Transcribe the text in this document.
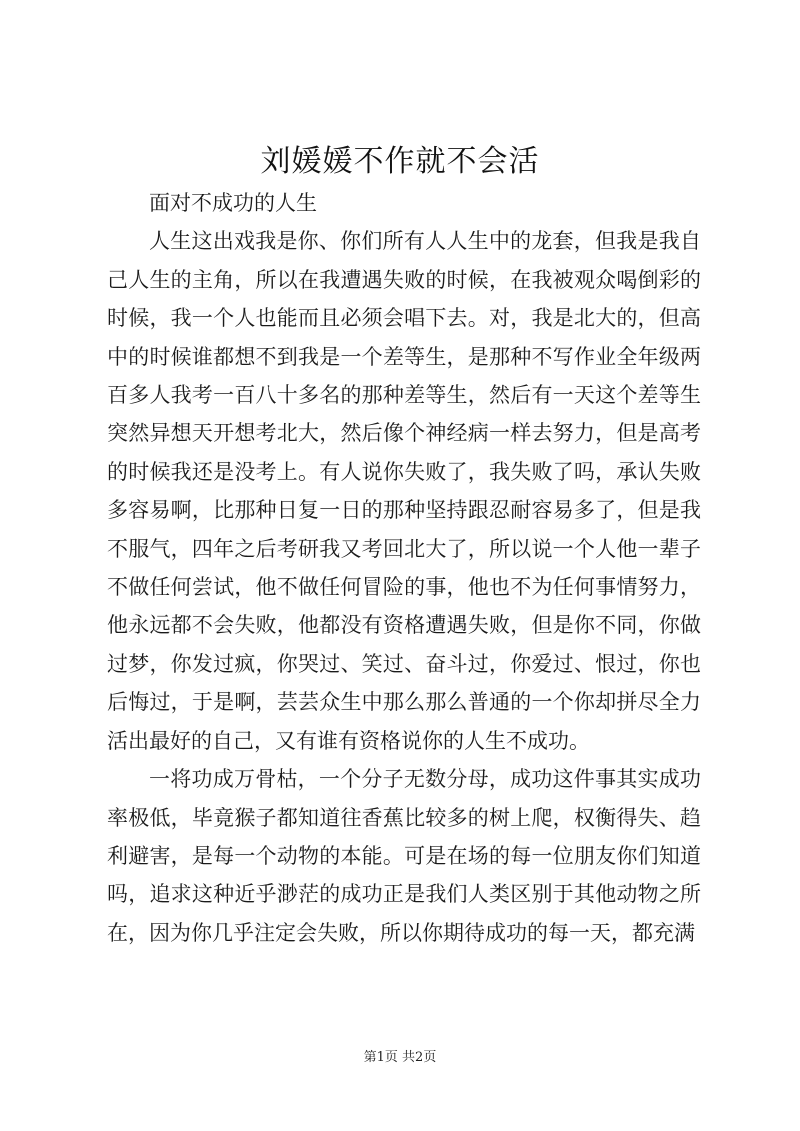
刘媛媛不作就不会活

面对不成功的人生

人生这出戏我是你、你们所有人人生中的龙套，但我是我自己人生的主角，所以在我遭遇失败的时候，在我被观众喝倒彩的时候，我一个人也能而且必须会唱下去。对，我是北大的，但高中的时候谁都想不到我是一个差等生，是那种不写作业全年级两百多人我考一百八十多名的那种差等生，然后有一天这个差等生突然异想天开想考北大，然后像个神经病一样去努力，但是高考的时候我还是没考上。有人说你失败了，我失败了吗，承认失败多容易啊，比那种日复一日的那种坚持跟忍耐容易多了，但是我不服气，四年之后考研我又考回北大了，所以说一个人他一辈子不做任何尝试，他不做任何冒险的事，他也不为任何事情努力，他永远都不会失败，他都没有资格遭遇失败，但是你不同，你做过梦，你发过疯，你哭过、笑过、奋斗过，你爱过、恨过，你也后悔过，于是啊，芸芸众生中那么那么普通的一个你却拼尽全力活出最好的自己，又有谁有资格说你的人生不成功。

一将功成万骨枯，一个分子无数分母，成功这件事其实成功率极低，毕竟猴子都知道往香蕉比较多的树上爬，权衡得失、趋利避害，是每一个动物的本能。可是在场的每一位朋友你们知道吗，追求这种近乎渺茫的成功正是我们人类区别于其他动物之所在，因为你几乎注定会失败，所以你期待成功的每一天，都充满

第1页 共2页
